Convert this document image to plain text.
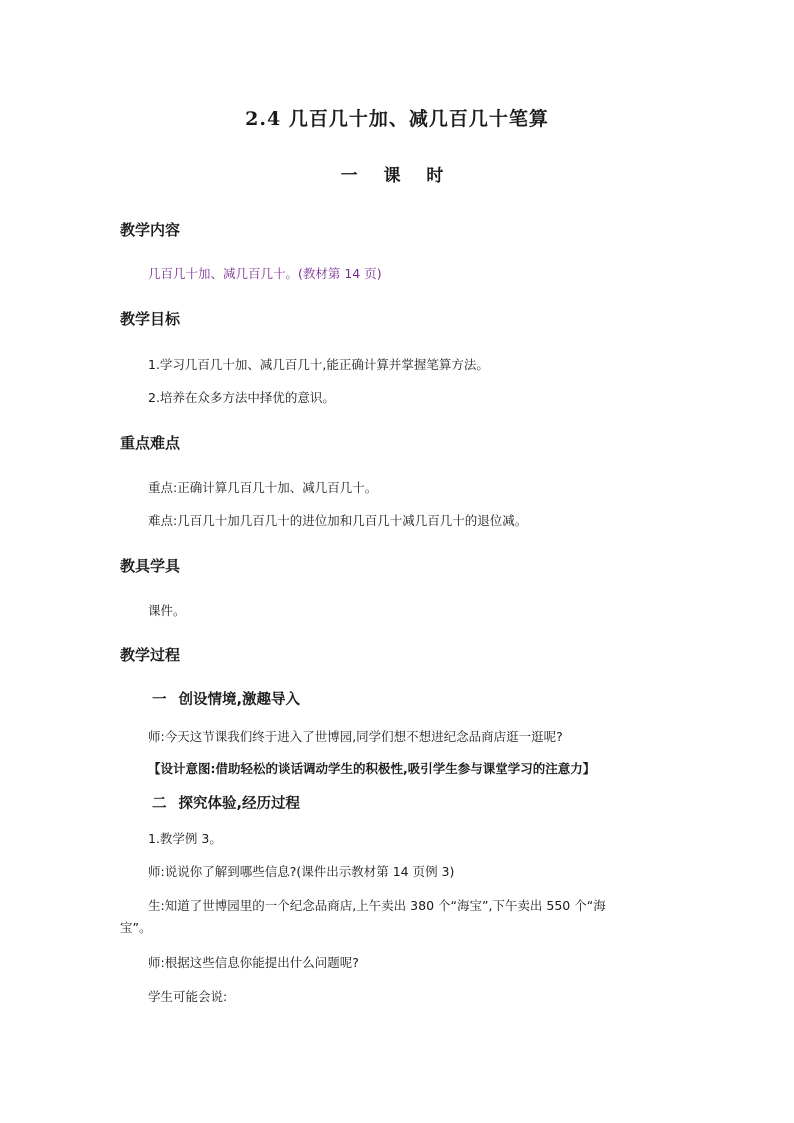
2.4 几百几十加、减几百几十笔算
一 课 时
教学内容
几百几十加、减几百几十。(教材第 14 页)
教学目标
1.学习几百几十加、减几百几十,能正确计算并掌握笔算方法。
2.培养在众多方法中择优的意识。
重点难点
重点:正确计算几百几十加、减几百几十。
难点:几百几十加几百几十的进位加和几百几十减几百几十的退位减。
教具学具
课件。
教学过程
一 创设情境,激趣导入
师:今天这节课我们终于进入了世博园,同学们想不想进纪念品商店逛一逛呢?
【设计意图:借助轻松的谈话调动学生的积极性,吸引学生参与课堂学习的注意力】
二 探究体验,经历过程
1.教学例 3。
师:说说你了解到哪些信息?(课件出示教材第 14 页例 3)
生:知道了世博园里的一个纪念品商店,上午卖出 380 个“海宝”,下午卖出 550 个“海
宝”。
师:根据这些信息你能提出什么问题呢?
学生可能会说:
